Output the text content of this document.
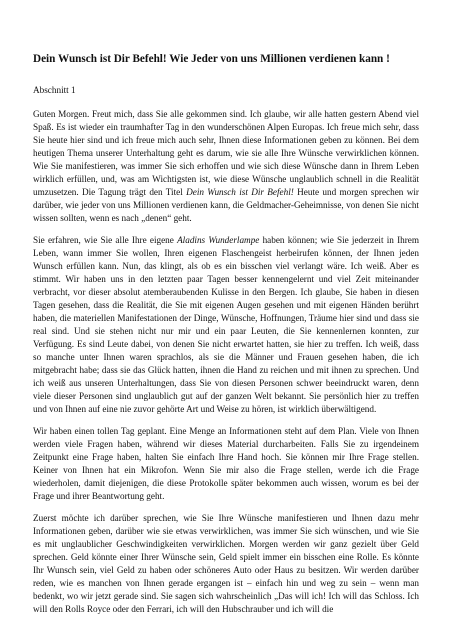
Dein Wunsch ist Dir Befehl! Wie Jeder von uns Millionen verdienen kann !
Abschnitt 1

Guten Morgen. Freut mich, dass Sie alle gekommen sind. Ich glaube, wir alle hatten gestern Abend viel Spaß. Es ist wieder ein traumhafter Tag in den wunderschönen Alpen Europas. Ich freue mich sehr, dass Sie heute hier sind und ich freue mich auch sehr, Ihnen diese Informationen geben zu können. Bei dem heutigen Thema unserer Unterhaltung geht es darum, wie sie alle Ihre Wünsche verwirklichen können. Wie Sie manifestieren, was immer Sie sich erhoffen und wie sich diese Wünsche dann in Ihrem Leben wirklich erfüllen, und, was am Wichtigsten ist, wie diese Wünsche unglaublich schnell in die Realität umzusetzen. Die Tagung trägt den Titel Dein Wunsch ist Dir Befehl! Heute und morgen sprechen wir darüber, wie jeder von uns Millionen verdienen kann, die Geldmacher-Geheimnisse, von denen Sie nicht wissen sollten, wenn es nach „denen“ geht.

Sie erfahren, wie Sie alle Ihre eigene Aladins Wunderlampe haben können; wie Sie jederzeit in Ihrem Leben, wann immer Sie wollen, Ihren eigenen Flaschengeist herbeirufen können, der Ihnen jeden Wunsch erfüllen kann. Nun, das klingt, als ob es ein bisschen viel verlangt wäre. Ich weiß. Aber es stimmt. Wir haben uns in den letzten paar Tagen besser kennengelernt und viel Zeit miteinander verbracht, vor dieser absolut atemberaubenden Kulisse in den Bergen. Ich glaube, Sie haben in diesen Tagen gesehen, dass die Realität, die Sie mit eigenen Augen gesehen und mit eigenen Händen berührt haben, die materiellen Manifestationen der Dinge, Wünsche, Hoffnungen, Träume hier sind und dass sie real sind. Und sie stehen nicht nur mir und ein paar Leuten, die Sie kennenlernen konnten, zur Verfügung. Es sind Leute dabei, von denen Sie nicht erwartet hatten, sie hier zu treffen. Ich weiß, dass so manche unter Ihnen waren sprachlos, als sie die Männer und Frauen gesehen haben, die ich mitgebracht habe; dass sie das Glück hatten, ihnen die Hand zu reichen und mit ihnen zu sprechen. Und ich weiß aus unseren Unterhaltungen, dass Sie von diesen Personen schwer beeindruckt waren, denn viele dieser Personen sind unglaublich gut auf der ganzen Welt bekannt. Sie persönlich hier zu treffen und von Ihnen auf eine nie zuvor gehörte Art und Weise zu hören, ist wirklich überwältigend.

Wir haben einen tollen Tag geplant. Eine Menge an Informationen steht auf dem Plan. Viele von Ihnen werden viele Fragen haben, während wir dieses Material durcharbeiten. Falls Sie zu irgendeinem Zeitpunkt eine Frage haben, halten Sie einfach Ihre Hand hoch. Sie können mir Ihre Frage stellen. Keiner von Ihnen hat ein Mikrofon. Wenn Sie mir also die Frage stellen, werde ich die Frage wiederholen, damit diejenigen, die diese Protokolle später bekommen auch wissen, worum es bei der Frage und ihrer Beantwortung geht.

Zuerst möchte ich darüber sprechen, wie Sie Ihre Wünsche manifestieren und Ihnen dazu mehr Informationen geben, darüber wie sie etwas verwirklichen, was immer Sie sich wünschen, und wie Sie es mit unglaublicher Geschwindigkeiten verwirklichen. Morgen werden wir ganz gezielt über Geld sprechen. Geld könnte einer Ihrer Wünsche sein, Geld spielt immer ein bisschen eine Rolle. Es könnte Ihr Wunsch sein, viel Geld zu haben oder schöneres Auto oder Haus zu besitzen. Wir werden darüber reden, wie es manchen von Ihnen gerade ergangen ist – einfach hin und weg zu sein – wenn man bedenkt, wo wir jetzt gerade sind. Sie sagen sich wahrscheinlich „Das will ich! Ich will das Schloss. Ich will den Rolls Royce oder den Ferrari, ich will den Hubschrauber und ich will die
